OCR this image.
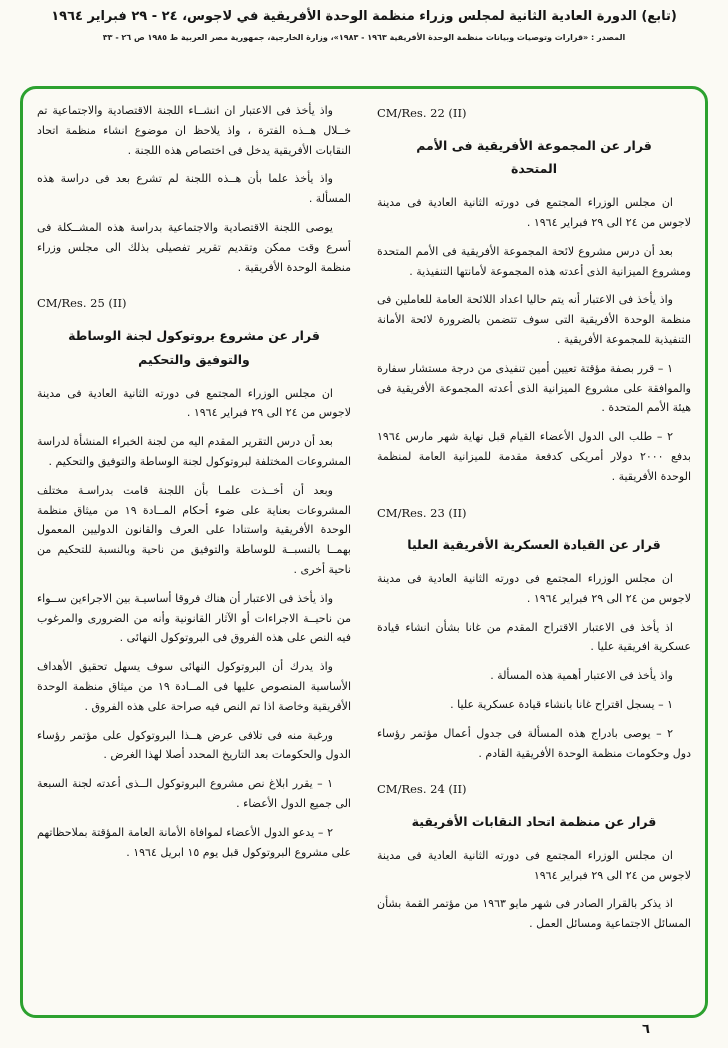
(تابع) الدورة العادية الثانية لمجلس وزراء منظمة الوحدة الأفريقية في لاجوس، ٢٤ - ٢٩ فبراير ١٩٦٤
المصدر : «قرارات وتوصيات وبيانات منظمة الوحدة الأفريقية ١٩٦٣ - ١٩٨٣»، وزارة الخارجية، جمهورية مصر العربية ط ١٩٨٥ ص ٢٦ - ٣٣
CM/Res. 22 (II)
قرار عن المجموعة الأفريقية فى الأمم المتحدة

ان مجلس الوزراء المجتمع فى دورته الثانية العادية فى مدينة لاجوس من ٢٤ الى ٢٩ فبراير ١٩٦٤ .

بعد أن درس مشروع لائحة المجموعة الأفريقية فى الأمم المتحدة ومشروع الميزانية الذى أعدته هذه المجموعة لأمانتها التنفيذية .

واذ يأخذ فى الاعتبار أنه يتم حاليا اعداد اللائحة العامة للعاملين فى منظمة الوحدة الأفريقية التى سوف تتضمن بالضرورة لائحة الأمانة التنفيذية للمجموعة الأفريقية .

١ – قرر بصفة مؤقتة تعيين أمين تنفيذى من درجة مستشار سفارة والموافقة على مشروع الميزانية الذى أعدته المجموعة الأفريقية فى هيئة الأمم المتحدة .

٢ – طلب الى الدول الأعضاء القيام قبل نهاية شهر مارس ١٩٦٤ بدفع ٢٠٠٠ دولار أمريكى كدفعة مقدمة للميزانية العامة لمنظمة الوحدة الأفريقية .

CM/Res. 23 (II)
قرار عن القيادة العسكرية الأفريقية العليا

ان مجلس الوزراء المجتمع فى دورته الثانية العادية فى مدينة لاجوس من ٢٤ الى ٢٩ فبراير ١٩٦٤ .

اذ يأخذ فى الاعتبار الاقتراح المقدم من غانا بشأن انشاء قيادة عسكرية افريقية عليا .

واذ يأخذ فى الاعتبار أهمية هذه المسألة .

١ – يسجل اقتراح غانا بانشاء قيادة عسكرية عليا .

٢ – يوصى بادراج هذه المسألة فى جدول أعمال مؤتمر رؤساء دول وحكومات منظمة الوحدة الأفريقية القادم .

CM/Res. 24 (II)
قرار عن منظمة اتحاد النقابات الأفريقية

ان مجلس الوزراء المجتمع فى دورته الثانية العادية فى مدينة لاجوس من ٢٤ الى ٢٩ فبراير ١٩٦٤

اذ يذكر بالقرار الصادر فى شهر مايو ١٩٦٣ من مؤتمر القمة بشأن المسائل الاجتماعية ومسائل العمل .

واذ يأخذ فى الاعتبار ان انشــاء اللجنة الاقتصادية والاجتماعية تم خــلال هــذه الفترة ، واذ يلاحظ ان موضوع انشاء منظمة اتحاد النقابات الأفريقية يدخل فى اختصاص هذه اللجنة .

واذ يأخذ علما بأن هــذه اللجنة لم تشرع بعد فى دراسة هذه المسألة .

يوصى اللجنة الاقتصادية والاجتماعية بدراسة هذه المشــكلة فى أسرع وقت ممكن وتقديم تقرير تفصيلى بذلك الى مجلس وزراء منظمة الوحدة الأفريقية .

CM/Res. 25 (II)
قرار عن مشروع بروتوكول لجنة الوساطة والتوفيق والتحكيم

ان مجلس الوزراء المجتمع فى دورته الثانية العادية فى مدينة لاجوس من ٢٤ الى ٢٩ فبراير ١٩٦٤ .

بعد أن درس التقرير المقدم اليه من لجنة الخبراء المنشأة لدراسة المشروعات المختلفة لبروتوكول لجنة الوساطة والتوفيق والتحكيم .

وبعد أن أخــذت علمـا بأن اللجنة قامت بدراسـة مختلف المشروعات بعناية على ضوء أحكام المــادة ١٩ من ميثاق منظمة الوحدة الأفريقية واستنادا على العرف والقانون الدوليين المعمول بهمــا بالنسبــة للوساطة والتوفيق من ناحية وبالنسبة للتحكيم من ناحية أخرى .

واذ يأخذ فى الاعتبار أن هناك فروقا أساسيـة بين الاجراءين ســواء من ناحيــة الاجراءات أو الآثار القانونية وأنه من الضرورى والمرغوب فيه النص على هذه الفروق فى البروتوكول النهائى .

واذ يدرك أن البروتوكول النهائى سوف يسهل تحقيق الأهداف الأساسية المنصوص عليها فى المــادة ١٩ من ميثاق منظمة الوحدة الأفريقية وخاصة اذا تم النص فيه صراحة على هذه الفروق .

ورغبة منه فى تلافى عرض هــذا البروتوكول على مؤتمر رؤساء الدول والحكومات بعد التاريخ المحدد أصلا لهذا الغرض .

١ – يقرر ابلاغ نص مشروع البروتوكول الــذى أعدته لجنة السبعة الى جميع الدول الأعضاء .

٢ – يدعو الدول الأعضاء لموافاة الأمانة العامة المؤقتة بملاحظاتهم على مشروع البروتوكول قبل يوم ١٥ ابريل ١٩٦٤ .

٦
